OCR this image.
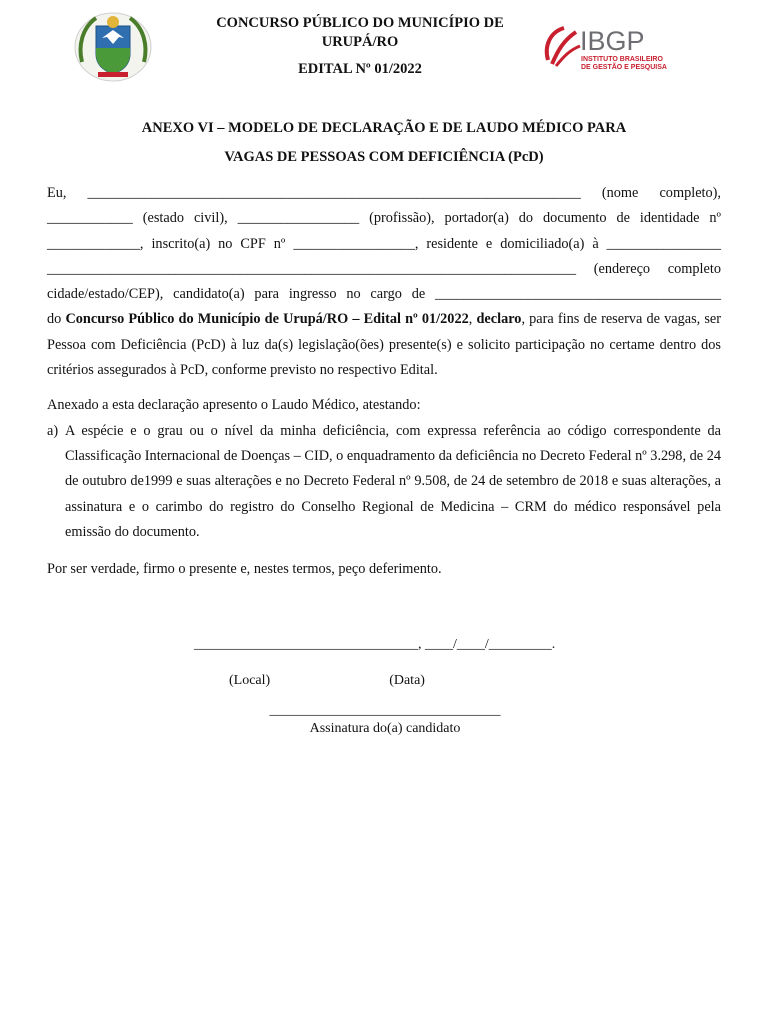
CONCURSO PÚBLICO DO MUNICÍPIO DE
URUPÁ/RO
EDITAL Nº 01/2022
IBGP
INSTITUTO BRASILEIRO
DE GESTÃO E PESQUISA
ANEXO VI – MODELO DE DECLARAÇÃO E DE LAUDO MÉDICO PARA
VAGAS DE PESSOAS COM DEFICIÊNCIA (PcD)

Eu, _____________________________________________________________________ (nome completo),

____________ (estado civil), _________________ (profissão), portador(a) do documento de identidade nº

_____________, inscrito(a) no CPF nº _________________, residente e domiciliado(a) à ________________

__________________________________________________________________________ (endereço completo

cidade/estado/CEP), candidato(a) para ingresso no cargo de ________________________________________

do Concurso Público do Município de Urupá/RO – Edital nº 01/2022, declaro, para fins de reserva de vagas, ser Pessoa com Deficiência (PcD) à luz da(s) legislação(ões) presente(s) e solicito participação no certame dentro dos critérios assegurados à PcD, conforme previsto no respectivo Edital.

Anexado a esta declaração apresento o Laudo Médico, atestando:

a) A espécie e o grau ou o nível da minha deficiência, com expressa referência ao código correspondente da Classificação Internacional de Doenças – CID, o enquadramento da deficiência no Decreto Federal nº 3.298, de 24 de outubro de1999 e suas alterações e no Decreto Federal nº 9.508, de 24 de setembro de 2018 e suas alterações, a assinatura e o carimbo do registro do Conselho Regional de Medicina – CRM do médico responsável pela emissão do documento.

Por ser verdade, firmo o presente e, nestes termos, peço deferimento.

________________________________, ____/____/_________.

(Local)                                  (Data)

_________________________________
Assinatura do(a) candidato
